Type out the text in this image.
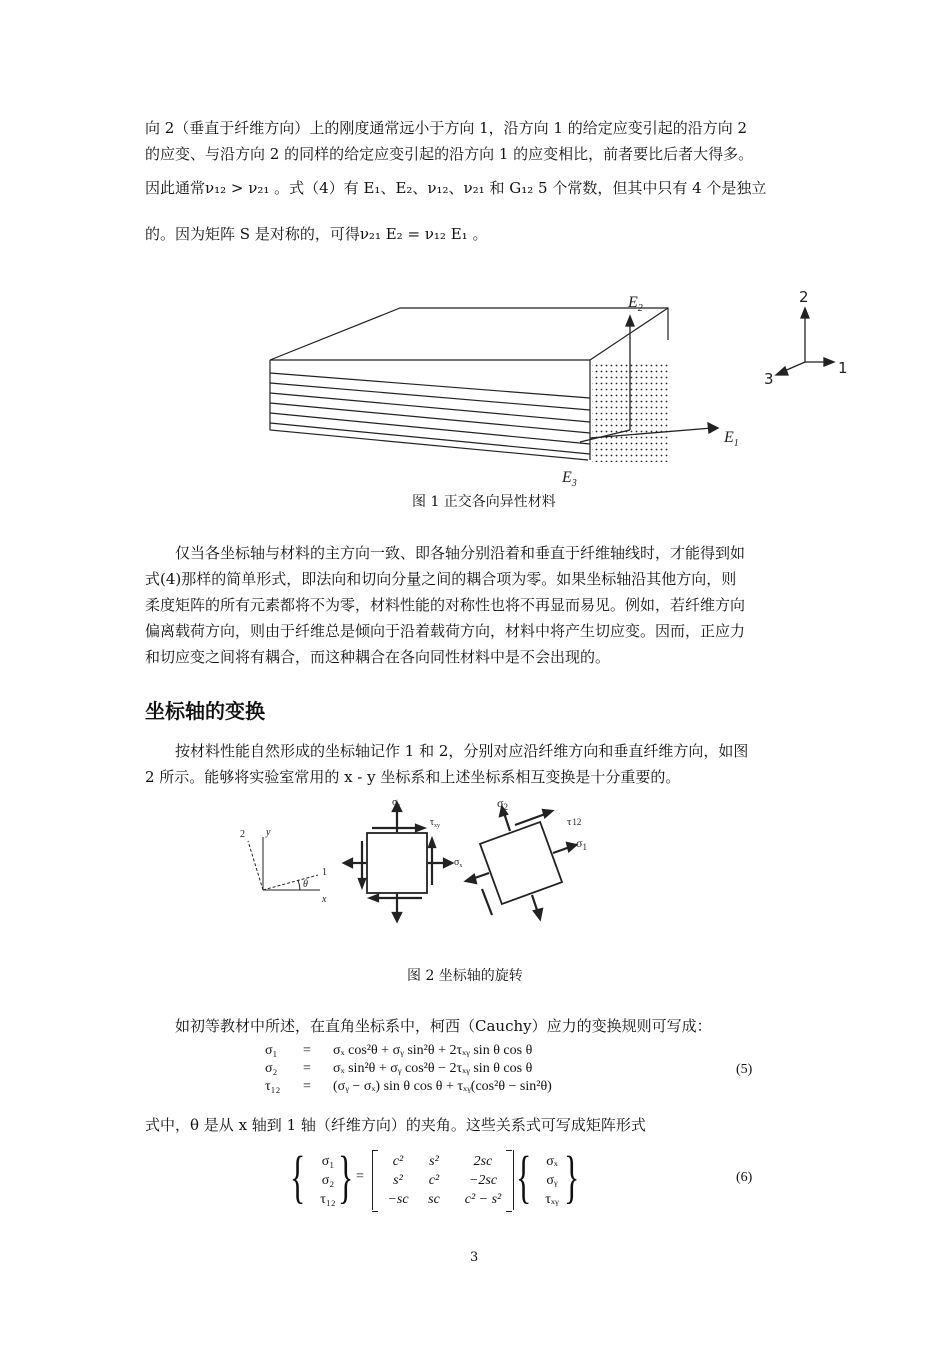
向 2（垂直于纤维方向）上的刚度通常远小于方向 1，沿方向 1 的给定应变引起的沿方向 2
的应变、与沿方向 2 的同样的给定应变引起的沿方向 1 的应变相比，前者要比后者大得多。
因此通常ν₁₂ > ν₂₁ 。式（4）有 E₁、E₂、ν₁₂、ν₂₁ 和 G₁₂ 5 个常数，但其中只有 4 个是独立
的。因为矩阵 S 是对称的，可得ν₂₁ E₂ = ν₁₂ E₁ 。
$E_2$
$E_1$
$E_3$
2
1
3
图 1 正交各向异性材料
仅当各坐标轴与材料的主方向一致、即各轴分别沿着和垂直于纤维轴线时，才能得到如
式(4)那样的简单形式，即法向和切向分量之间的耦合项为零。如果坐标轴沿其他方向，则
柔度矩阵的所有元素都将不为零，材料性能的对称性也将不再显而易见。例如，若纤维方向
偏离载荷方向，则由于纤维总是倾向于沿着载荷方向，材料中将产生切应变。因而，正应力
和切应变之间将有耦合，而这种耦合在各向同性材料中是不会出现的。
坐标轴的变换
按材料性能自然形成的坐标轴记作 1 和 2，分别对应沿纤维方向和垂直纤维方向，如图
2 所示。能够将实验室常用的 x - y 坐标系和上述坐标系相互变换是十分重要的。
2 y
1
θ
x
$\sigma_y$
$\tau_{xy}$
$\sigma_x$
$\sigma_2$
τ12
$\sigma_1$
图 2 坐标轴的旋转
如初等教材中所述，在直角坐标系中，柯西（Cauchy）应力的变换规则可写成：
σ₁	=	σₓ cos²θ + σᵧ sin²θ + 2τₓᵧ sin θ cos θ
σ₂	=	σₓ sin²θ + σᵧ cos²θ − 2τₓᵧ sin θ cos θ
τ₁₂	=	(σᵧ − σₓ) sin θ cos θ + τₓᵧ(cos²θ − sin²θ)
(5)
式中，θ 是从 x 轴到 1 轴（纤维方向）的夹角。这些关系式可写成矩阵形式
{	σ₁
σ₂
τ₁₂ } =
c²	s²	2sc
s²	c²	−2sc
−sc	sc	c² − s² {	σₓ
σᵧ
τₓᵧ }	(6)
3
